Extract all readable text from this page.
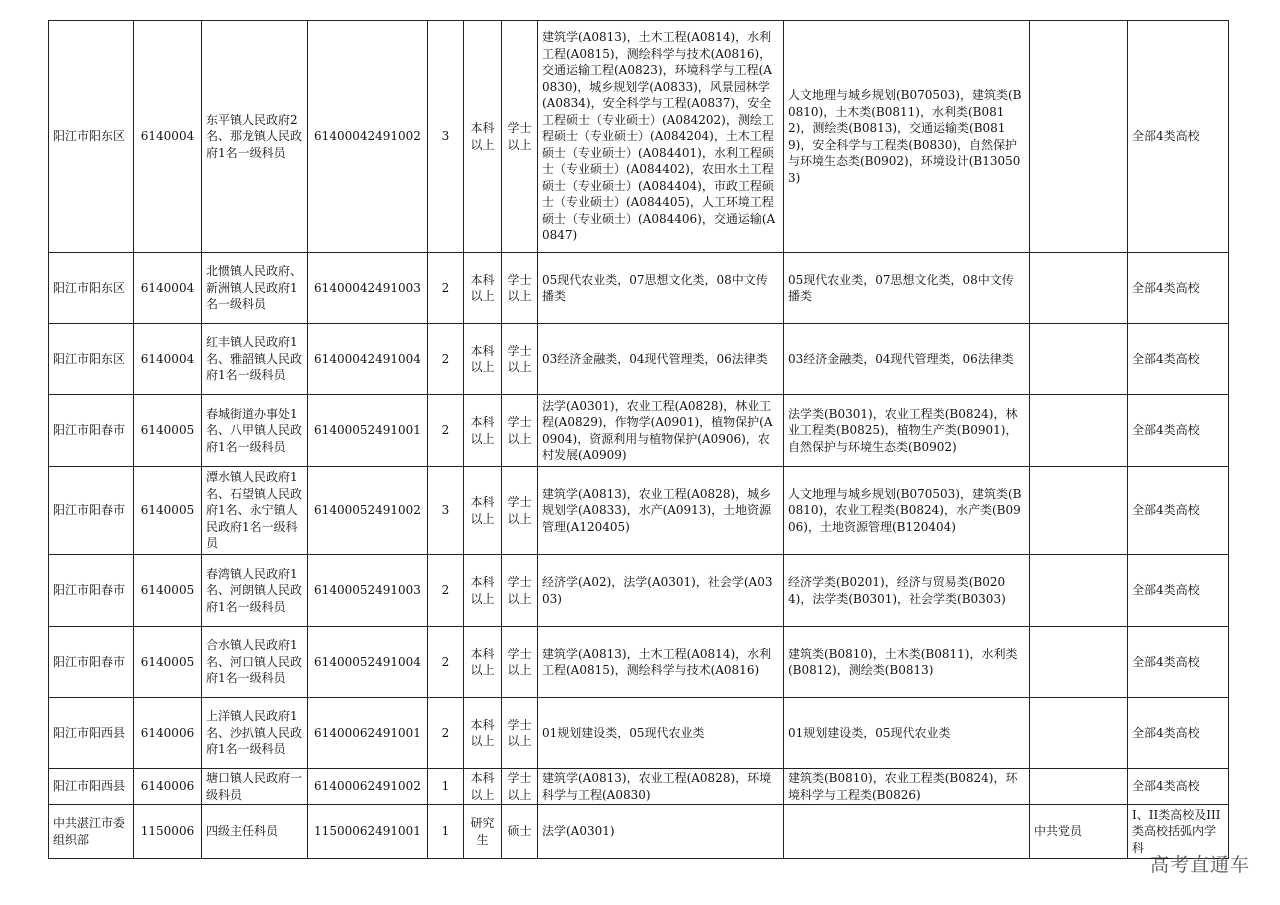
阳江市阳东区	6140004	东平镇人民政府2名、那龙镇人民政府1名一级科员	61400042491002	3	本科以上	学士以上	建筑学(A0813)，土木工程(A0814)，水利工程(A0815)，测绘科学与技术(A0816)，交通运输工程(A0823)，环境科学与工程(A0830)，城乡规划学(A0833)，风景园林学(A0834)，安全科学与工程(A0837)，安全工程硕士（专业硕士）(A084202)，测绘工程硕士（专业硕士）(A084204)，土木工程硕士（专业硕士）(A084401)，水利工程硕士（专业硕士）(A084402)，农田水土工程硕士（专业硕士）(A084404)，市政工程硕士（专业硕士）(A084405)，人工环境工程硕士（专业硕士）(A084406)，交通运输(A0847)	人文地理与城乡规划(B070503)，建筑类(B0810)，土木类(B0811)，水利类(B0812)，测绘类(B0813)，交通运输类(B0819)，安全科学与工程类(B0830)，自然保护与环境生态类(B0902)，环境设计(B130503)		全部4类高校
阳江市阳东区	6140004	北惯镇人民政府、新洲镇人民政府1名一级科员	61400042491003	2	本科以上	学士以上	05现代农业类，07思想文化类，08中文传播类	05现代农业类，07思想文化类，08中文传播类		全部4类高校
阳江市阳东区	6140004	红丰镇人民政府1名、雅韶镇人民政府1名一级科员	61400042491004	2	本科以上	学士以上	03经济金融类，04现代管理类，06法律类	03经济金融类，04现代管理类，06法律类		全部4类高校
阳江市阳春市	6140005	春城街道办事处1名、八甲镇人民政府1名一级科员	61400052491001	2	本科以上	学士以上	法学(A0301)，农业工程(A0828)，林业工程(A0829)，作物学(A0901)，植物保护(A0904)，资源利用与植物保护(A0906)，农村发展(A0909)	法学类(B0301)，农业工程类(B0824)，林业工程类(B0825)，植物生产类(B0901)，自然保护与环境生态类(B0902)		全部4类高校
阳江市阳春市	6140005	潭水镇人民政府1名、石望镇人民政府1名、永宁镇人民政府1名一级科员	61400052491002	3	本科以上	学士以上	建筑学(A0813)，农业工程(A0828)，城乡规划学(A0833)，水产(A0913)，土地资源管理(A120405)	人文地理与城乡规划(B070503)，建筑类(B0810)，农业工程类(B0824)，水产类(B0906)，土地资源管理(B120404)		全部4类高校
阳江市阳春市	6140005	春湾镇人民政府1名、河朗镇人民政府1名一级科员	61400052491003	2	本科以上	学士以上	经济学(A02)，法学(A0301)，社会学(A0303)	经济学类(B0201)，经济与贸易类(B0204)，法学类(B0301)，社会学类(B0303)		全部4类高校
阳江市阳春市	6140005	合水镇人民政府1名、河口镇人民政府1名一级科员	61400052491004	2	本科以上	学士以上	建筑学(A0813)，土木工程(A0814)，水利工程(A0815)，测绘科学与技术(A0816)	建筑类(B0810)，土木类(B0811)，水利类(B0812)，测绘类(B0813)		全部4类高校
阳江市阳西县	6140006	上洋镇人民政府1名、沙扒镇人民政府1名一级科员	61400062491001	2	本科以上	学士以上	01规划建设类，05现代农业类	01规划建设类，05现代农业类		全部4类高校
阳江市阳西县	6140006	塘口镇人民政府一级科员	61400062491002	1	本科以上	学士以上	建筑学(A0813)，农业工程(A0828)，环境科学与工程(A0830)	建筑类(B0810)，农业工程类(B0824)，环境科学与工程类(B0826)		全部4类高校
中共湛江市委组织部	1150006	四级主任科员	11500062491001	1	研究生	硕士	法学(A0301)		中共党员	I、II类高校及III类高校括弧内学科
高考直通车
